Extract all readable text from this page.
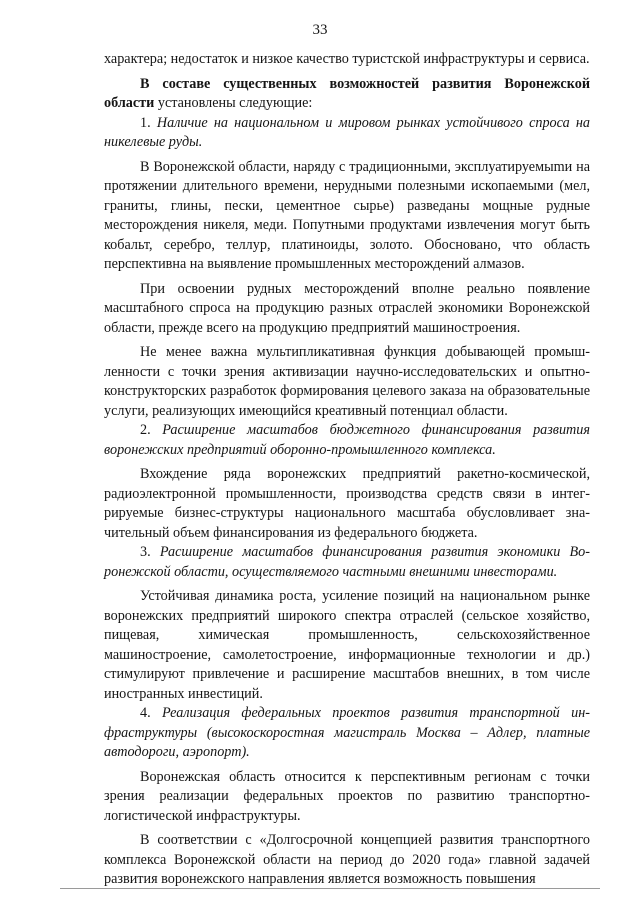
33

характера; недостаток и низкое качество туристской инфраструктуры и сервиса.

В составе существенных возможностей развития Воронежской области установлены следующие:

1. Наличие на национальном и мировом рынках устойчивого спроса на никелевые руды.

В Воронежской области, наряду с традиционными, эксплуатируемыmи на протяжении длительного времени, нерудными полезными ископаемыми (мел, граниты, глины, пески, цементное сырье) разведаны мощные рудные месторождения никеля, меди. Попутными продуктами извлечения могут быть кобальт, серебро, теллур, платиноиды, золото. Обосновано, что область перспективна на выявление промышленных месторождений алмазов.

При освоении рудных месторождений вполне реально появление масштабного спроса на продукцию разных отраслей экономики Воронежской области, прежде всего на продукцию предприятий машиностроения.

Не менее важна мультипликативная функция добывающей промышленности с точки зрения активизации научно-исследовательских и опытно-конструкторских разработок формирования целевого заказа на образовательные услуги, реализующих имеющийся креативный потенциал области.

2. Расширение масштабов бюджетного финансирования развития воронежских предприятий оборонно-промышленного комплекса.

Вхождение ряда воронежских предприятий ракетно-космической, радиоэлектронной промышленности, производства средств связи в интегрируемые бизнес-структуры национального масштаба обусловливает значительный объем финансирования из федерального бюджета.

3. Расширение масштабов финансирования развития экономики Воронежской области, осуществляемого частными внешними инвесторами.

Устойчивая динамика роста, усиление позиций на национальном рынке воронежских предприятий широкого спектра отраслей (сельское хозяйство, пищевая, химическая промышленность, сельскохозяйственное машиностроение, самолетостроение, информационные технологии и др.) стимулируют привлечение и расширение масштабов внешних, в том числе иностранных инвестиций.

4. Реализация федеральных проектов развития транспортной инфраструктуры (высокоскоростная магистраль Москва – Адлер, платные автодороги, аэропорт).

Воронежская область относится к перспективным регионам с точки зрения реализации федеральных проектов по развитию транспортно-логистической инфраструктуры.

В соответствии с «Долгосрочной концепцией развития транспортного комплекса Воронежской области на период до 2020 года» главной задачей развития воронежского направления является возможность повышения
